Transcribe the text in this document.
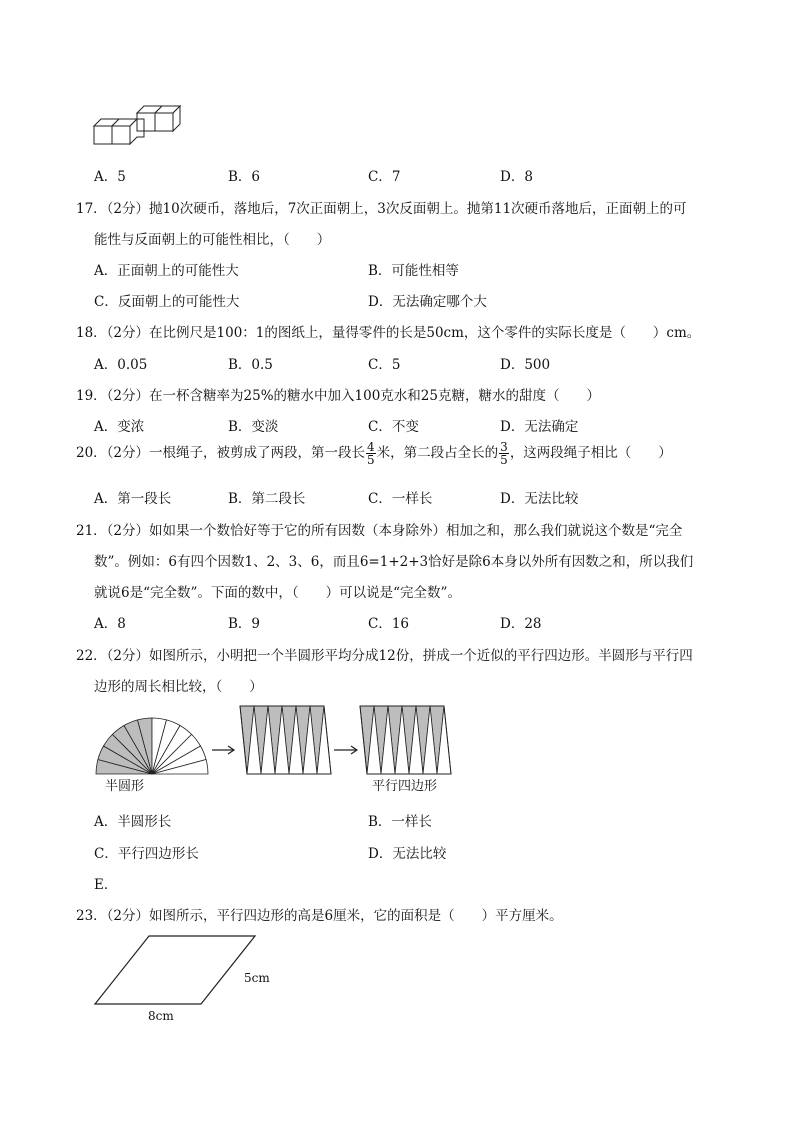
A．5	B．6	C．7	D．8
17．（2分）抛10次硬币，落地后，7次正面朝上，3次反面朝上。抛第11次硬币落地后，正面朝上的可
能性与反面朝上的可能性相比，（　　）
A．正面朝上的可能性大	B．可能性相等
C．反面朝上的可能性大	D．无法确定哪个大
18．（2分）在比例尺是100：1的图纸上，量得零件的长是50cm，这个零件的实际长度是（　　）cm。
A．0.05	B．0.5	C．5	D．500
19．（2分）在一杯含糖率为25%的糖水中加入100克水和25克糖，糖水的甜度（　　）
A．变浓	B．变淡	C．不变	D．无法确定
20．（2分）一根绳子，被剪成了两段，第一段长 $\frac{4}{5}$ 米，第二段占全长的 $\frac{3}{5}$ ，这两段绳子相比（　　）
A．第一段长	B．第二段长	C．一样长	D．无法比较
21．（2分）如如果一个数恰好等于它的所有因数（本身除外）相加之和，那么我们就说这个数是“完全
数”。例如：6有四个因数1、2、3、6，而且6=1+2+3恰好是除6本身以外所有因数之和，所以我们
就说6是“完全数”。下面的数中，（　　）可以说是“完全数”。
A．8	B．9	C．16	D．28
22．（2分）如图所示，小明把一个半圆形平均分成12份，拼成一个近似的平行四边形。半圆形与平行四
边形的周长相比较，（　　）
半圆形	平行四边形
A．半圆形长	B．一样长
C．平行四边形长	D．无法比较
E．
23．（2分）如图所示，平行四边形的高是6厘米，它的面积是（　　）平方厘米。
5cm
8cm
